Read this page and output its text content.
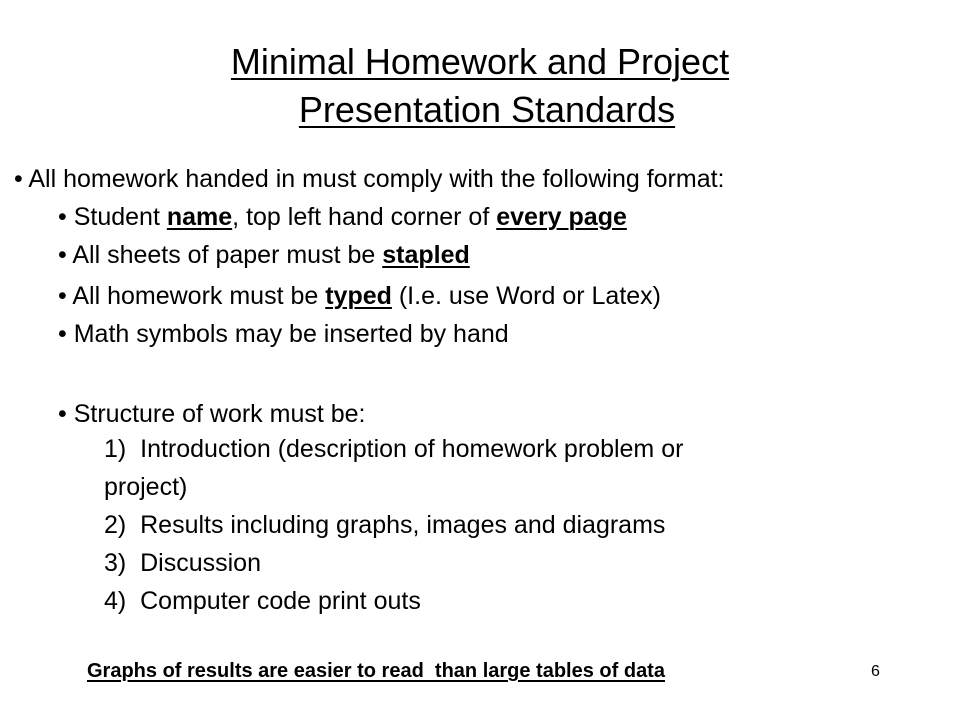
Minimal Homework and Project
Presentation Standards
• All homework handed in must comply with the following format:
• Student name, top left hand corner of every page
• All sheets of paper must be stapled
• All homework must be typed (I.e. use Word or Latex)
• Math symbols may be inserted by hand
• Structure of work must be:
1)  Introduction (description of homework problem or
project)
2)  Results including graphs, images and diagrams
3)  Discussion
4)  Computer code print outs
Graphs of results are easier to read  than large tables of data	6
